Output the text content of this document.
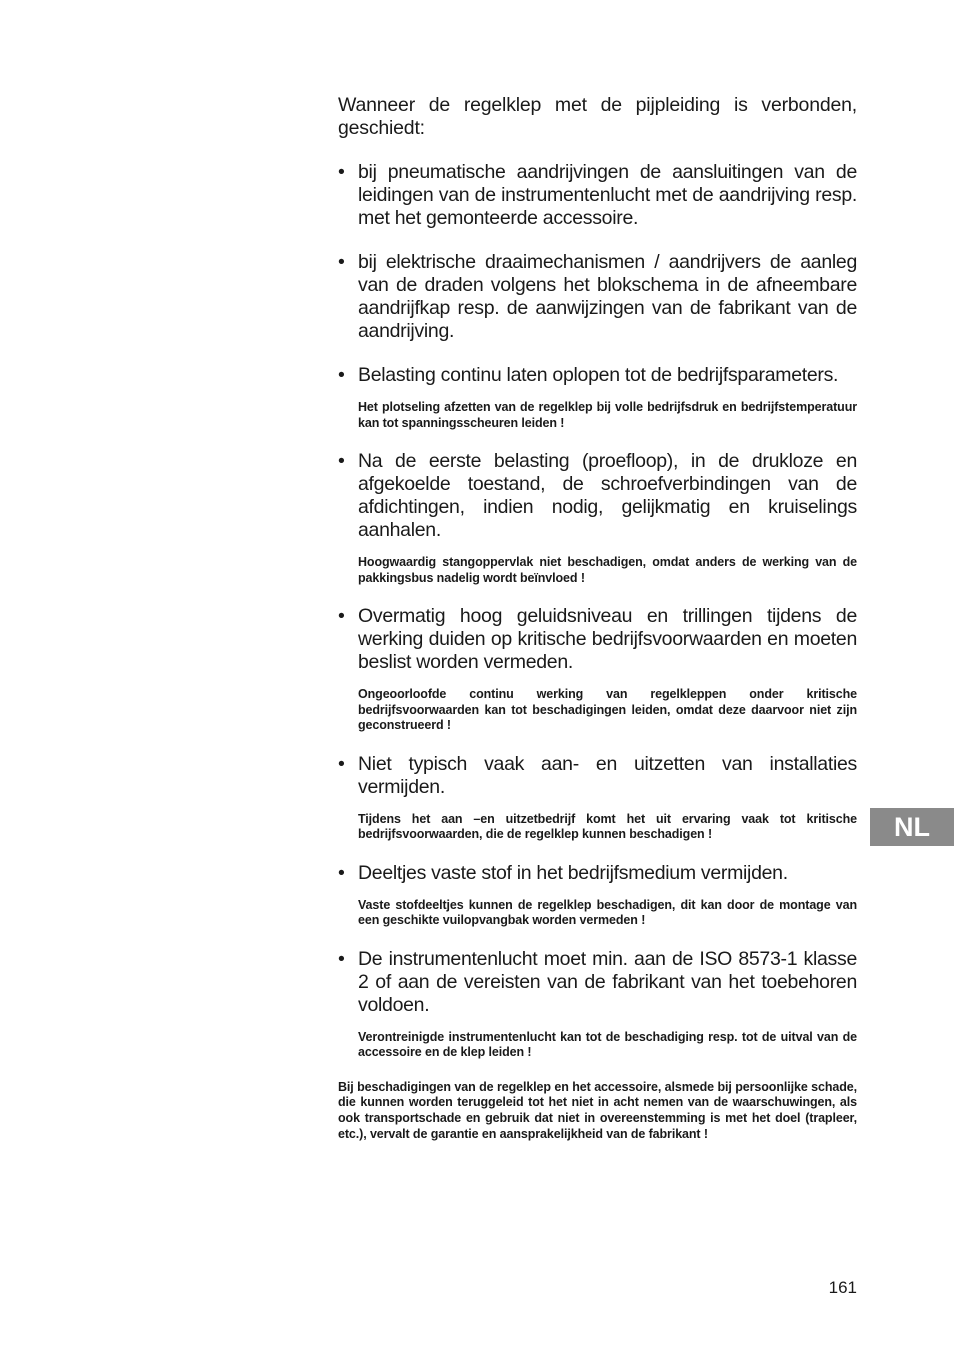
Wanneer de regelklep met de pijpleiding is verbonden, geschiedt:

• bij pneumatische aandrijvingen de aansluitingen van de leidingen van de instrumentenlucht met de aandrijving resp. met het gemonteerde accessoire.
• bij elektrische draaimechanismen / aandrijvers de aanleg van de draden volgens het blokschema in de afneembare aandrijfkap resp. de aanwijzingen van de fabrikant van de aandrijving.
• Belasting continu laten oplopen tot de bedrijfsparameters.
Het plotseling afzetten van de regelklep bij volle bedrijfsdruk en bedrijfstemperatuur kan tot spanningsscheuren leiden !
• Na de eerste belasting (proefloop), in de drukloze en afgekoelde toestand, de schroefverbindingen van de afdichtingen, indien nodig, gelijkmatig en kruiselings aanhalen.
Hoogwaardig stangoppervlak niet beschadigen, omdat anders de werking van de pakkingsbus nadelig wordt beïnvloed !
• Overmatig hoog geluidsniveau en trillingen tijdens de werking duiden op kritische bedrijfsvoorwaarden en moeten beslist worden vermeden.
Ongeoorloofde continu werking van regelkleppen onder kritische bedrijfsvoorwaarden kan tot beschadigingen leiden, omdat deze daarvoor niet zijn geconstrueerd !
• Niet typisch vaak aan- en uitzetten van installaties vermijden.
Tijdens het aan –en uitzetbedrijf komt het uit ervaring vaak tot kritische bedrijfsvoorwaarden, die de regelklep kunnen beschadigen !
• Deeltjes vaste stof in het bedrijfsmedium vermijden.
Vaste stofdeeltjes kunnen de regelklep beschadigen, dit kan door de montage van een geschikte vuilopvangbak worden vermeden !
• De instrumentenlucht moet min. aan de ISO 8573-1 klasse 2 of aan de vereisten van de fabrikant van het toebehoren voldoen.
Verontreinigde instrumentenlucht kan tot de beschadiging resp. tot de uitval van de accessoire en de klep leiden !
Bij beschadigingen van de regelklep en het accessoire, alsmede bij persoonlijke schade, die kunnen worden teruggeleid tot het niet in acht nemen van de waarschuwingen, als ook transportschade en gebruik dat niet in overeenstemming is met het doel (trapleer, etc.), vervalt de garantie en aansprakelijkheid van de fabrikant !
NL
161
